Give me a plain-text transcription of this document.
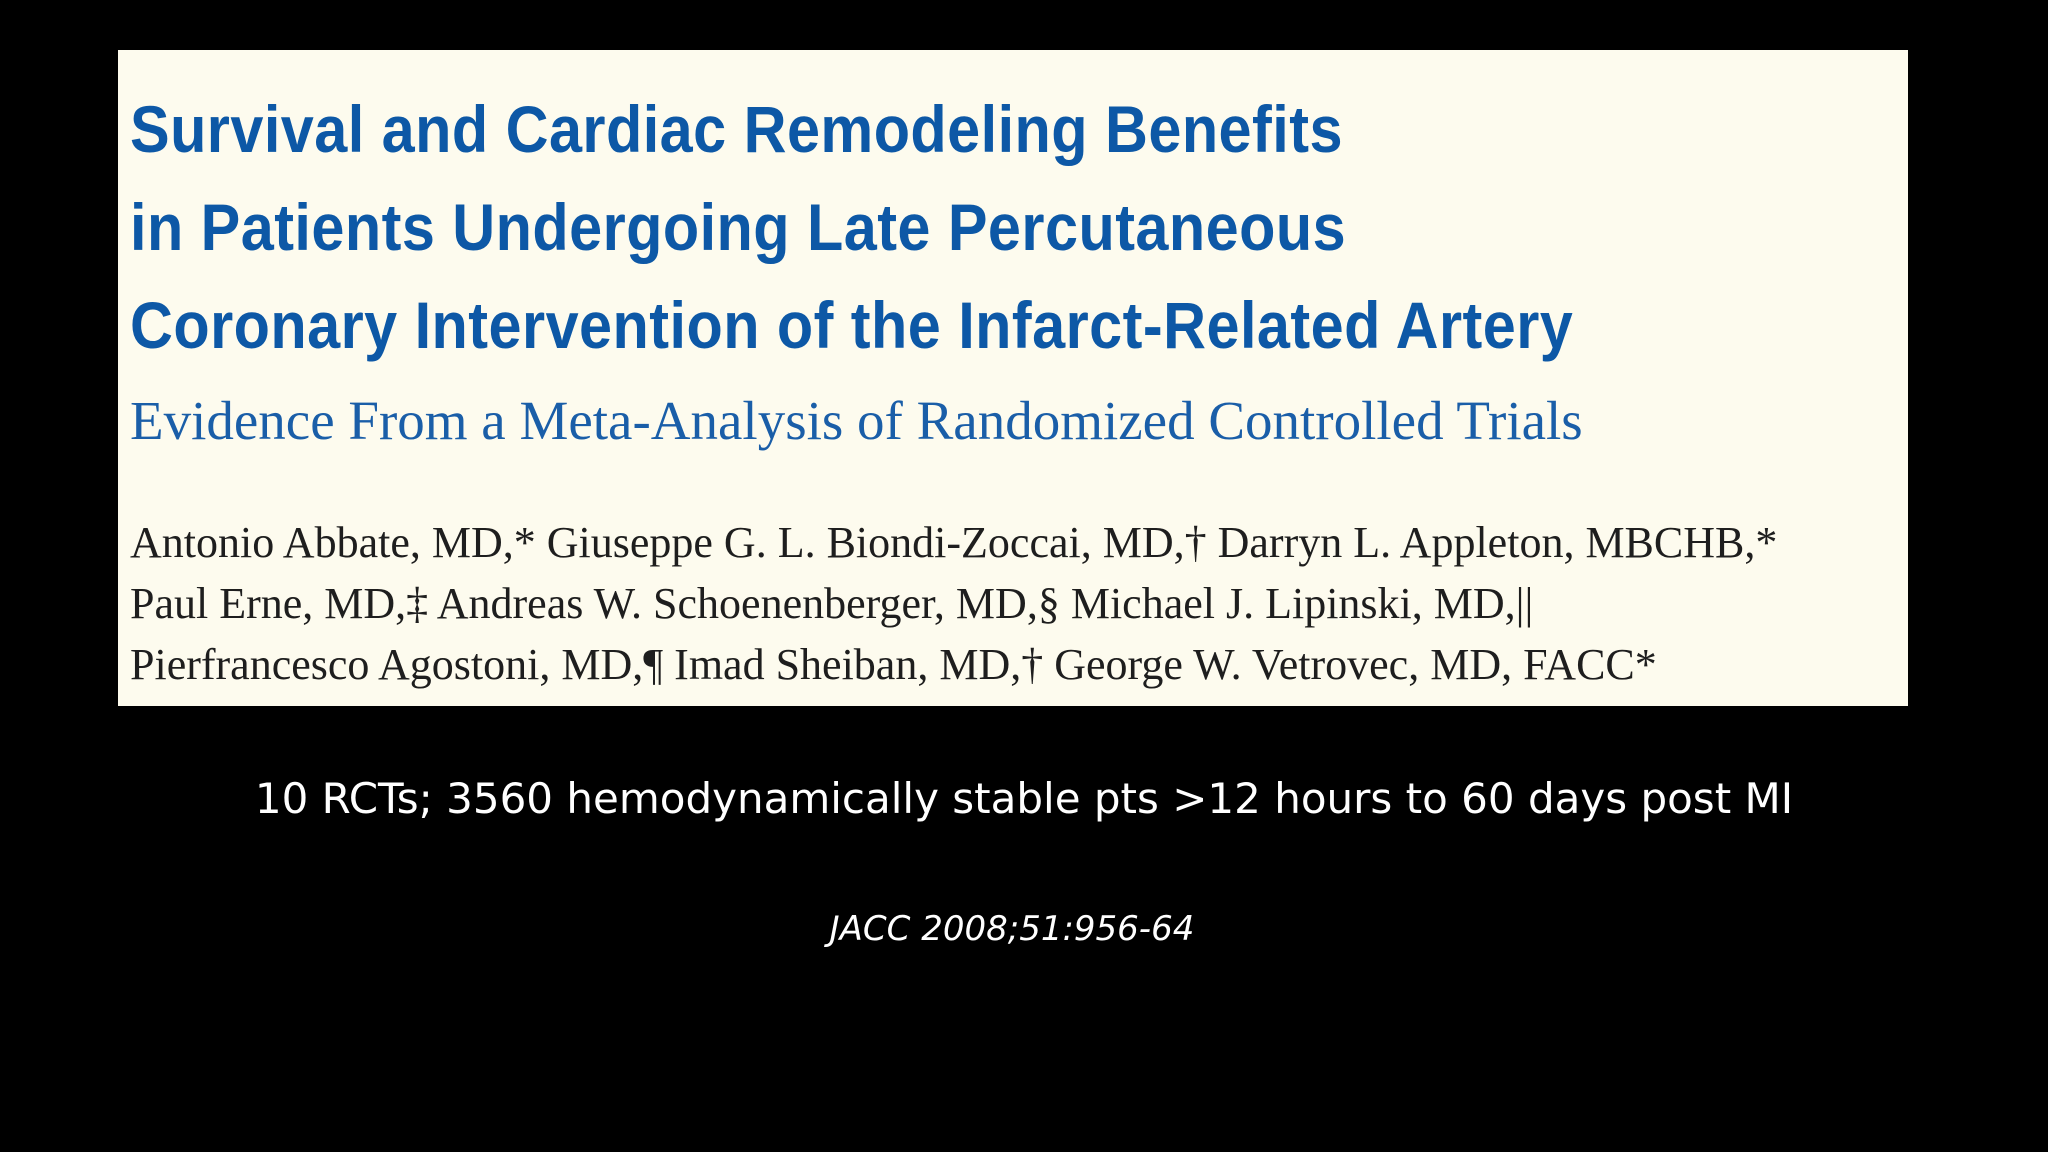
Survival and Cardiac Remodeling Benefits
in Patients Undergoing Late Percutaneous
Coronary Intervention of the Infarct-Related Artery
Evidence From a Meta-Analysis of Randomized Controlled Trials
Antonio Abbate, MD,* Giuseppe G. L. Biondi-Zoccai, MD,† Darryn L. Appleton, MBCHB,*
Paul Erne, MD,‡ Andreas W. Schoenenberger, MD,§ Michael J. Lipinski, MD,||
Pierfrancesco Agostoni, MD,¶ Imad Sheiban, MD,† George W. Vetrovec, MD, FACC*
10 RCTs; 3560 hemodynamically stable pts >12 hours to 60 days post MI
JACC 2008;51:956-64
